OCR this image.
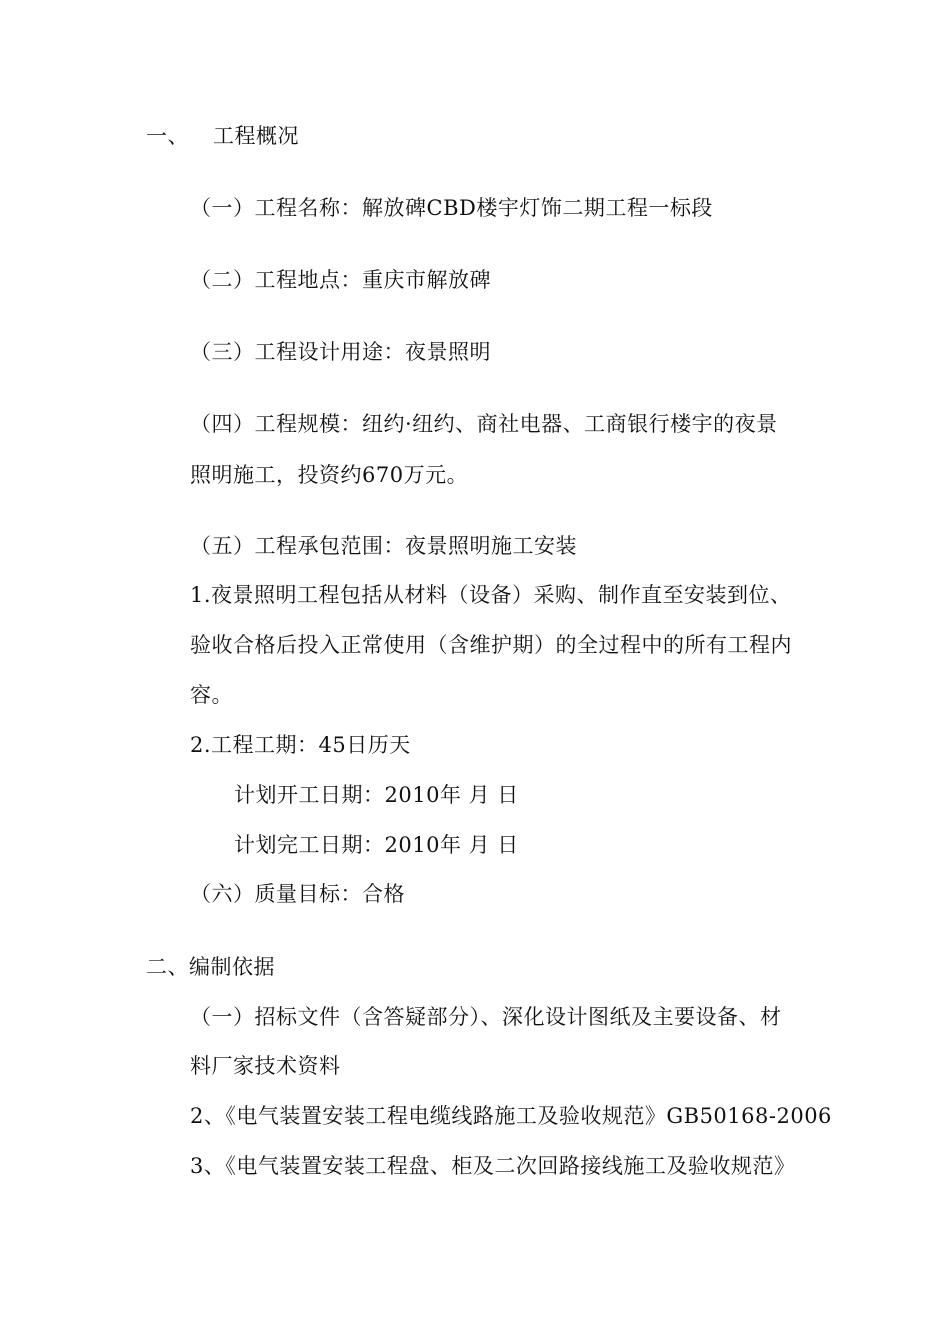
一、 工程概况
（一）工程名称：解放碑CBD楼宇灯饰二期工程一标段
（二）工程地点：重庆市解放碑
（三）工程设计用途：夜景照明
（四）工程规模：纽约·纽约、商社电器、工商银行楼宇的夜景
照明施工，投资约670万元。
（五）工程承包范围：夜景照明施工安装
1.夜景照明工程包括从材料（设备）采购、制作直至安装到位、
验收合格后投入正常使用（含维护期）的全过程中的所有工程内
容。
2.工程工期：45日历天
计划开工日期：2010年 月 日
计划完工日期：2010年 月 日
（六）质量目标：合格
二、编制依据
（一）招标文件（含答疑部分）、深化设计图纸及主要设备、材
料厂家技术资料
2、《电气装置安装工程电缆线路施工及验收规范》GB50168-2006
3、《电气装置安装工程盘、柜及二次回路接线施工及验收规范》
